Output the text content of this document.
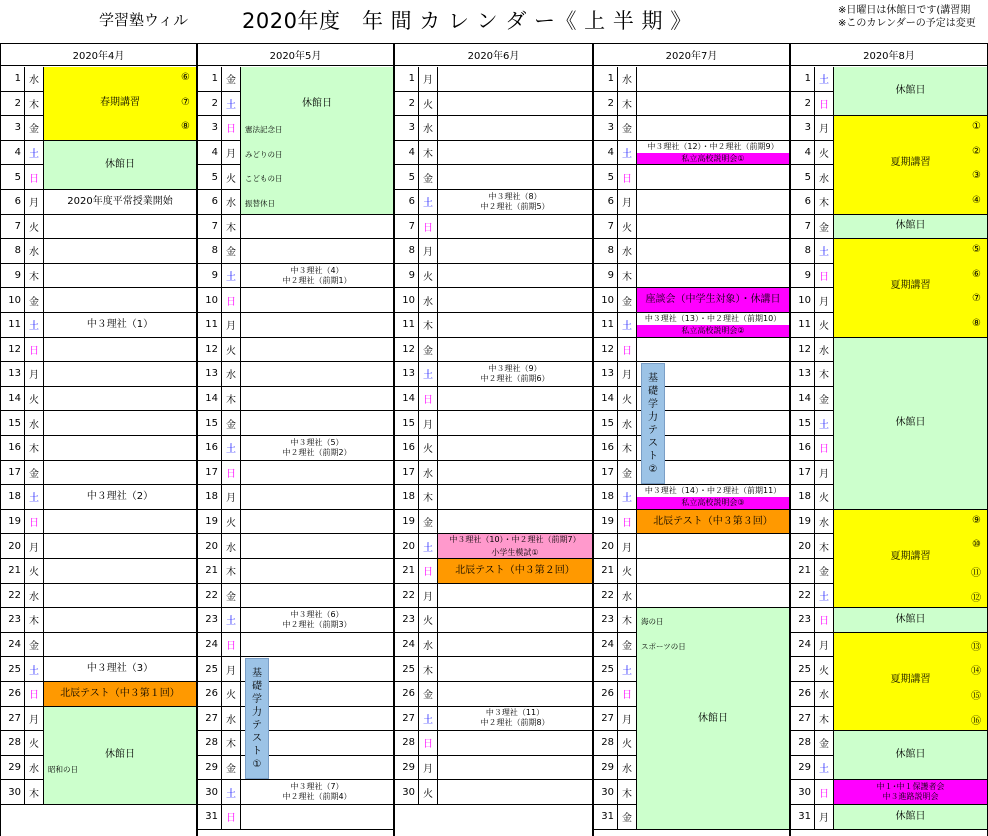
学習塾ウィル	2020年度　年 間 カ レ ン ダ ー《 上 半 期 》	※日曜日は休館日です(講習期
※このカレンダーの予定は変更
2020年4月
1 水
2 木
3 金
4 土
5 日
6 月
7 火
8 水
9 木
10 金
11 土
12 日
13 月
14 火
15 水
16 木
17 金
18 土
19 日
20 月
21 火
22 水
23 木
24 金
25 土
26 日
27 月
28 火
29 水
30 木
春期講習
⑥
⑦
⑧
休館日
2020年度平常授業開始
中３理社（1）
中３理社（2）
中３理社（3）
北辰テスト（中３第１回）
休館日
昭和の日
2020年5月
1 金
2 土
3 日
4 月
5 火
6 水
7 木
8 金
9 土
10 日
11 月
12 火
13 水
14 木
15 金
16 土
17 日
18 月
19 火
20 水
21 木
22 金
23 土
24 日
25 月
26 火
27 水
28 木
29 金
30 土
31 日
休館日
憲法記念日
みどりの日
こどもの日
振替休日
中３理社（4）
中２理社（前期1）
中３理社（5）
中２理社（前期2）
中３理社（6）
中２理社（前期3）
中３理社（7）
中２理社（前期4）
基
礎
学
力
テ
ス
ト
①
2020年6月
1 月
2 火
3 水
4 木
5 金
6 土
7 日
8 月
9 火
10 水
11 木
12 金
13 土
14 日
15 月
16 火
17 水
18 木
19 金
20 土
21 日
22 月
23 火
24 水
25 木
26 金
27 土
28 日
29 月
30 火
中３理社（8）
中２理社（前期5）
中３理社（9）
中２理社（前期6）
中３理社（10）・中２理社（前期7）
小学生模試①
北辰テスト（中３第２回）
中３理社（11）
中２理社（前期8）
2020年7月
1 水
2 木
3 金
4 土
5 日
6 月
7 火
8 水
9 木
10 金
11 土
12 日
13 月
14 火
15 水
16 木
17 金
18 土
19 日
20 月
21 火
22 水
23 木
24 金
25 土
26 日
27 月
28 火
29 水
30 木
31 金
中３理社（12）・中２理社（前期9）
私立高校説明会①
座談会（中学生対象）・休講日
中３理社（13）・中２理社（前期10）
私立高校説明会②
中３理社（14）・中２理社（前期11）
私立高校説明会③
北辰テスト（中３第３回）
休館日
海の日
スポーツの日
基
礎
学
力
テ
ス
ト
②
2020年8月
1 土
2 日
3 月
4 火
5 水
6 木
7 金
8 土
9 日
10 月
11 火
12 水
13 木
14 金
15 土
16 日
17 月
18 火
19 水
20 木
21 金
22 土
23 日
24 月
25 火
26 水
27 木
28 金
29 土
30 日
31 月
休館日
夏期講習
①
②
③
④
休館日
夏期講習
⑤
⑥
⑦
⑧
休館日
夏期講習
⑨
⑩
⑪
⑫
休館日
夏期講習
⑬
⑭
⑮
⑯
休館日
中１･中１保護者会
中３進路説明会
休館日
